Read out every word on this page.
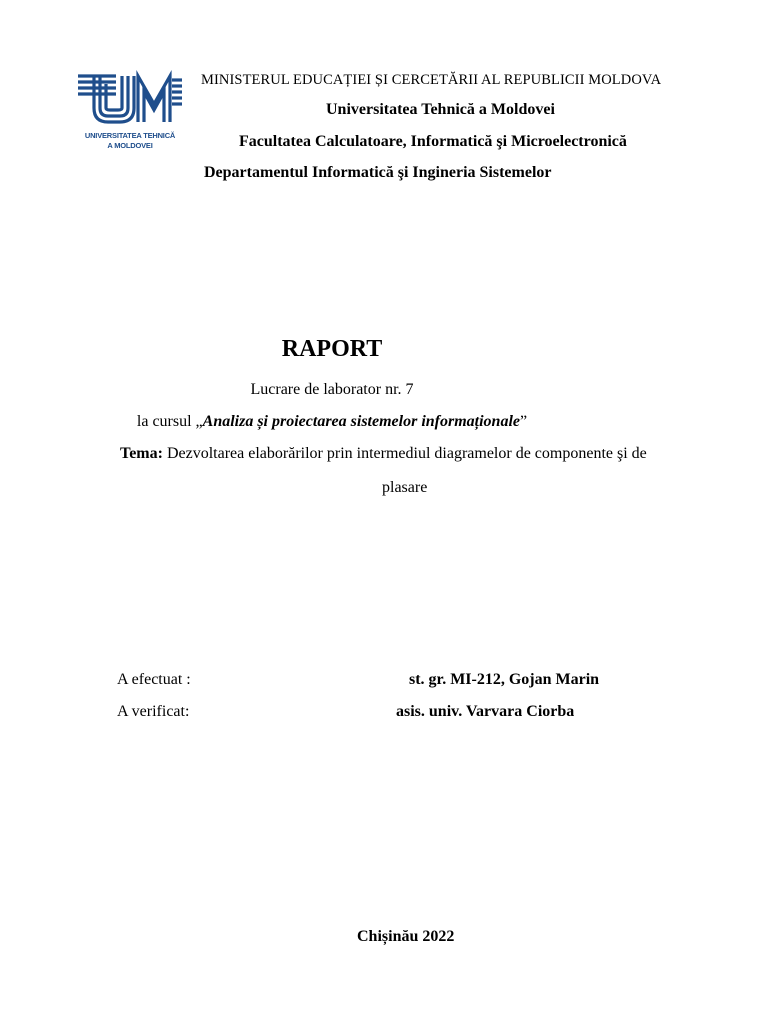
UNIVERSITATEA TEHNICĂ
A MOLDOVEI
MINISTERUL EDUCAȚIEI ȘI CERCETĂRII AL REPUBLICII MOLDOVA
Universitatea Tehnică a Moldovei
Facultatea Calculatoare, Informatică şi Microelectronică
Departamentul Informatică şi Ingineria Sistemelor
RAPORT
Lucrare de laborator nr. 7
la cursul „Analiza și proiectarea sistemelor informaționale”
Tema: Dezvoltarea elaborărilor prin intermediul diagramelor de componente şi de
plasare
A efectuat :	st. gr. MI-212, Gojan Marin
A verificat:	asis. univ. Varvara Ciorba
Chișinău 2022
